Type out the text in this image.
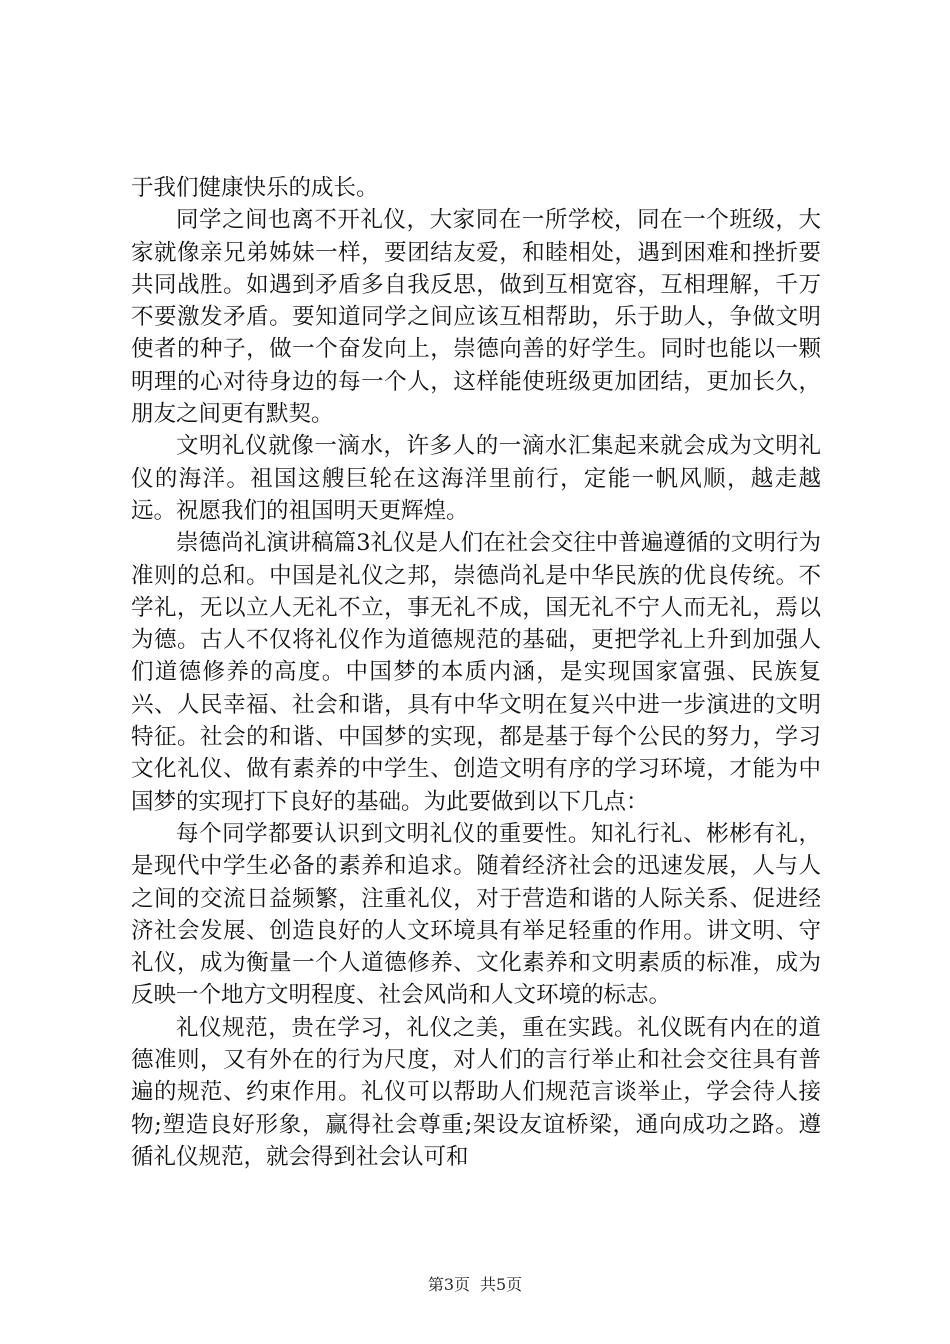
于我们健康快乐的成长。

同学之间也离不开礼仪，大家同在一所学校，同在一个班级，大家就像亲兄弟姊妹一样，要团结友爱，和睦相处，遇到困难和挫折要共同战胜。如遇到矛盾多自我反思，做到互相宽容，互相理解，千万不要激发矛盾。要知道同学之间应该互相帮助，乐于助人，争做文明使者的种子，做一个奋发向上，崇德向善的好学生。同时也能以一颗明理的心对待身边的每一个人，这样能使班级更加团结，更加长久，朋友之间更有默契。

文明礼仪就像一滴水，许多人的一滴水汇集起来就会成为文明礼仪的海洋。祖国这艘巨轮在这海洋里前行，定能一帆风顺，越走越远。祝愿我们的祖国明天更辉煌。

崇德尚礼演讲稿篇3礼仪是人们在社会交往中普遍遵循的文明行为准则的总和。中国是礼仪之邦，崇德尚礼是中华民族的优良传统。不学礼，无以立人无礼不立，事无礼不成，国无礼不宁人而无礼，焉以为德。古人不仅将礼仪作为道德规范的基础，更把学礼上升到加强人们道德修养的高度。中国梦的本质内涵，是实现国家富强、民族复兴、人民幸福、社会和谐，具有中华文明在复兴中进一步演进的文明特征。社会的和谐、中国梦的实现，都是基于每个公民的努力，学习文化礼仪、做有素养的中学生、创造文明有序的学习环境，才能为中国梦的实现打下良好的基础。为此要做到以下几点：

每个同学都要认识到文明礼仪的重要性。知礼行礼、彬彬有礼，是现代中学生必备的素养和追求。随着经济社会的迅速发展，人与人之间的交流日益频繁，注重礼仪，对于营造和谐的人际关系、促进经济社会发展、创造良好的人文环境具有举足轻重的作用。讲文明、守礼仪，成为衡量一个人道德修养、文化素养和文明素质的标准，成为反映一个地方文明程度、社会风尚和人文环境的标志。

礼仪规范，贵在学习，礼仪之美，重在实践。礼仪既有内在的道德准则，又有外在的行为尺度，对人们的言行举止和社会交往具有普遍的规范、约束作用。礼仪可以帮助人们规范言谈举止，学会待人接物;塑造良好形象，赢得社会尊重;架设友谊桥梁，通向成功之路。遵循礼仪规范，就会得到社会认可和

第3页 共5页
